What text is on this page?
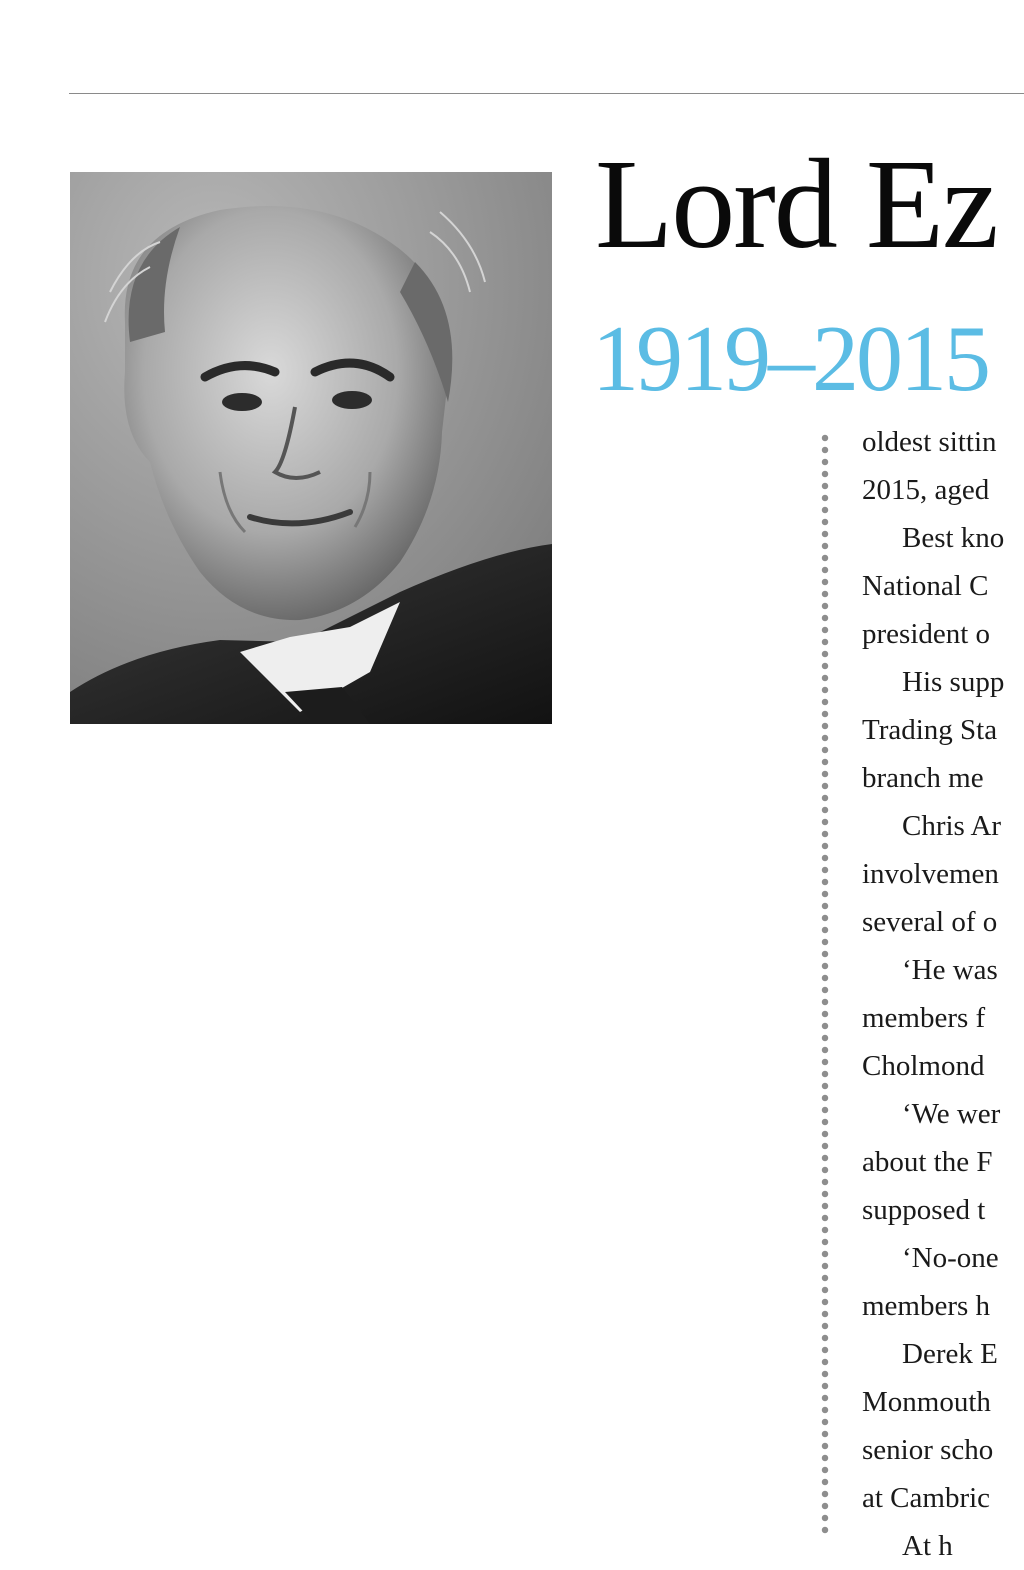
Lord Ez
1919–2015
oldest sittin
2015, aged
Best kno
National C
president o
His supp
Trading Sta
branch me
Chris Ar
involvemen
several of o
‘He was
members f
Cholmond
‘We wer
about the F
supposed t
‘No-one
members h
Derek E
Monmouth
senior scho
at Cambric
At h
